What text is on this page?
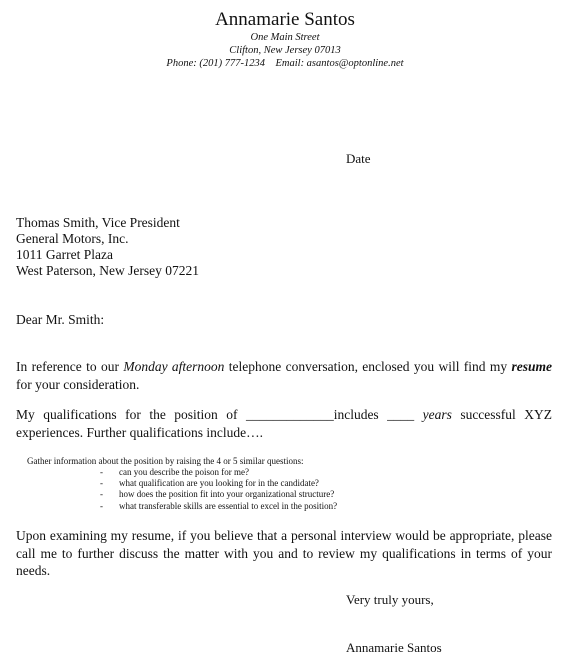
Annamarie Santos
One Main Street
Clifton, New Jersey 07013
Phone: (201) 777-1234    Email: asantos@optonline.net
Date
Thomas Smith, Vice President
General Motors, Inc.
1011 Garret Plaza
West Paterson, New Jersey 07221
Dear Mr. Smith:
In reference to our Monday afternoon telephone conversation, enclosed you will find my resume for your consideration.
My qualifications for the position of _____________includes ____ years successful XYZ experiences. Further qualifications include….
Gather information about the position by raising the 4 or 5 similar questions:
- can you describe the poison for me?
- what qualification are you looking for in the candidate?
- how does the position fit into your organizational structure?
- what transferable skills are essential to excel in the position?
Upon examining my resume, if you believe that a personal interview would be appropriate, please call me to further discuss the matter with you and to review my qualifications in terms of your needs.
Very truly yours,
Annamarie Santos
